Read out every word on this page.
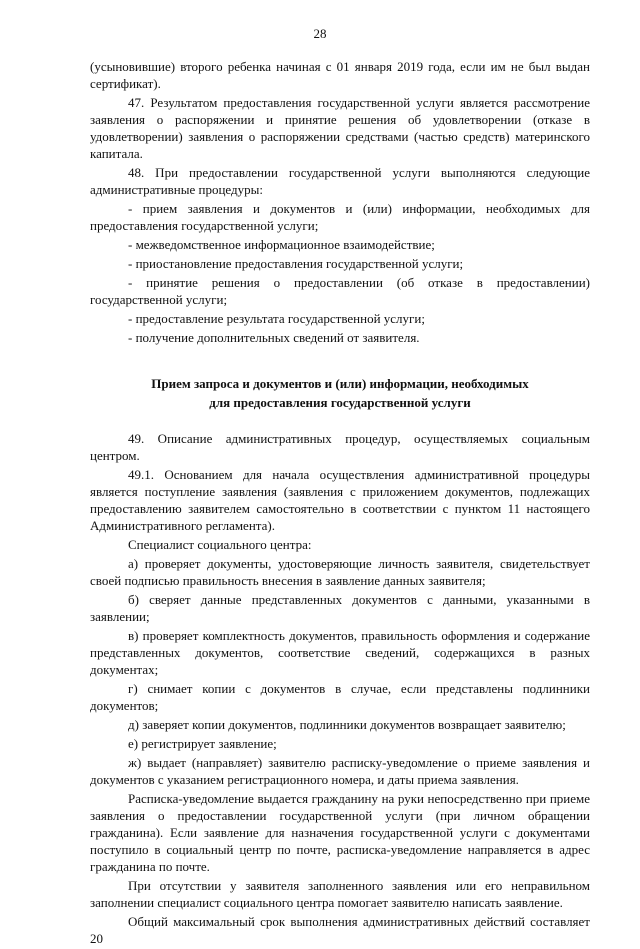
28

(усыновившие) второго ребенка начиная с 01 января 2019 года, если им не был выдан сертификат).

47. Результатом предоставления государственной услуги является рассмотрение заявления о распоряжении и принятие решения об удовлетворении (отказе в удовлетворении) заявления о распоряжении средствами (частью средств) материнского капитала.

48. При предоставлении государственной услуги выполняются следующие административные процедуры:

- прием заявления и документов и (или) информации, необходимых для предоставления государственной услуги;

- межведомственное информационное взаимодействие;

- приостановление предоставления государственной услуги;

- принятие решения о предоставлении (об отказе в предоставлении) государственной услуги;

- предоставление результата государственной услуги;

- получение дополнительных сведений от заявителя.

Прием запроса и документов и (или) информации, необходимых

для предоставления государственной услуги

49. Описание административных процедур, осуществляемых социальным центром.

49.1. Основанием для начала осуществления административной процедуры является поступление заявления (заявления с приложением документов, подлежащих предоставлению заявителем самостоятельно в соответствии с пунктом 11 настоящего Административного регламента).

Специалист социального центра:

а) проверяет документы, удостоверяющие личность заявителя, свидетельствует своей подписью правильность внесения в заявление данных заявителя;

б) сверяет данные представленных документов с данными, указанными в заявлении;

в) проверяет комплектность документов, правильность оформления и содержание представленных документов, соответствие сведений, содержащихся в разных документах;

г) снимает копии с документов в случае, если представлены подлинники документов;

д) заверяет копии документов, подлинники документов возвращает заявителю;

е) регистрирует заявление;

ж) выдает (направляет) заявителю расписку-уведомление о приеме заявления и документов с указанием регистрационного номера, и даты приема заявления.

Расписка-уведомление выдается гражданину на руки непосредственно при приеме заявления о предоставлении государственной услуги (при личном обращении гражданина). Если заявление для назначения государственной услуги с документами поступило в социальный центр по почте, расписка-уведомление направляется в адрес гражданина по почте.

При отсутствии у заявителя заполненного заявления или его неправильном заполнении специалист социального центра помогает заявителю написать заявление.

Общий максимальный срок выполнения административных действий составляет 20
